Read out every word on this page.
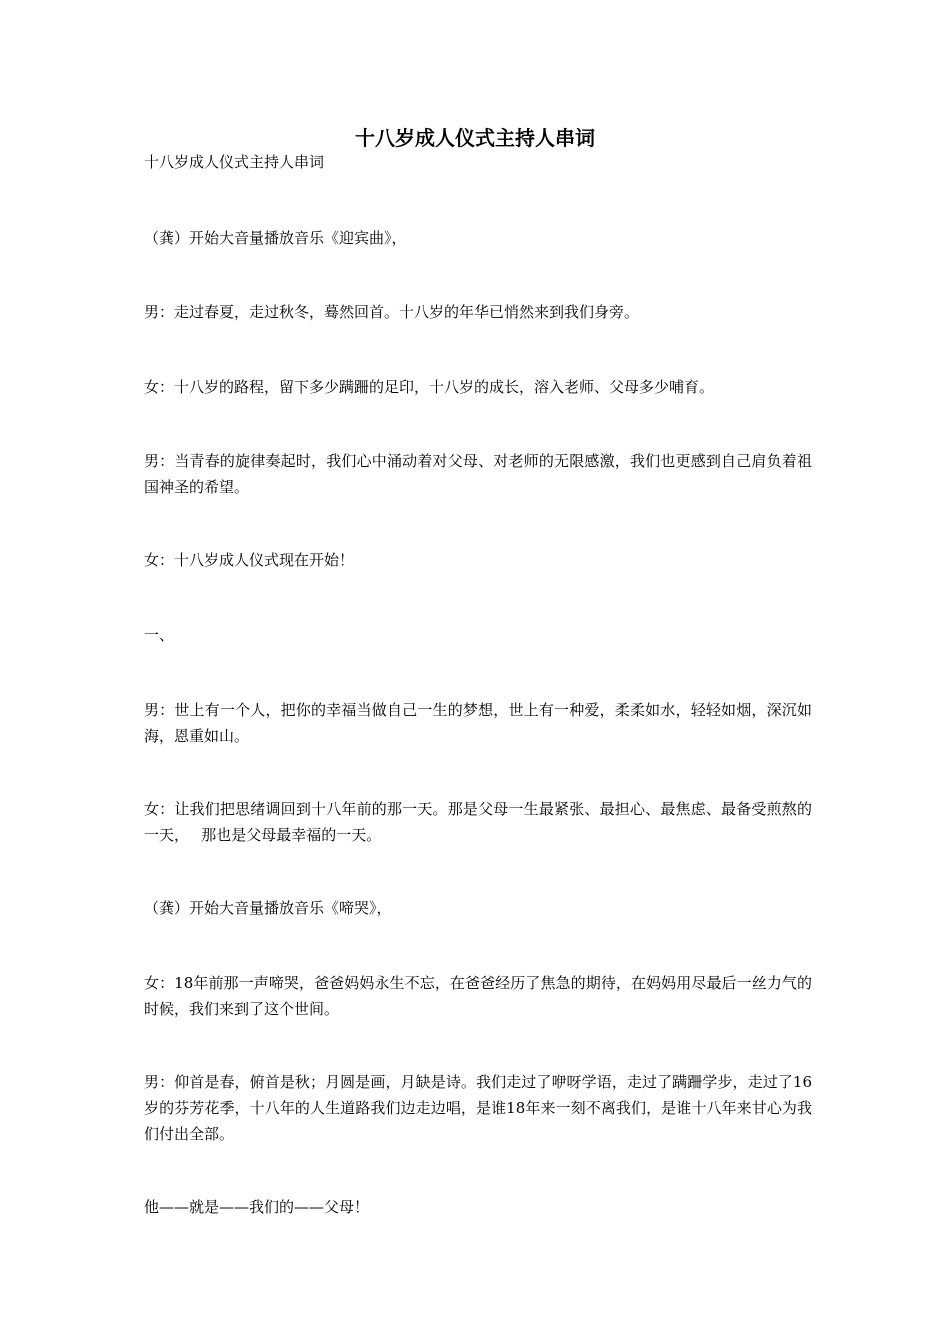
十八岁成人仪式主持人串词

十八岁成人仪式主持人串词

（龚）开始大音量播放音乐《迎宾曲》，

男：走过春夏，走过秋冬，蓦然回首。十八岁的年华已悄然来到我们身旁。

女：十八岁的路程，留下多少蹒跚的足印，十八岁的成长，溶入老师、父母多少哺育。

男：当青春的旋律奏起时，我们心中涌动着对父母、对老师的无限感激，我们也更感到自己肩负着祖国神圣的希望。

女：十八岁成人仪式现在开始！

一、

男：世上有一个人，把你的幸福当做自己一生的梦想，世上有一种爱，柔柔如水，轻轻如烟，深沉如海，恩重如山。

女：让我们把思绪调回到十八年前的那一天。那是父母一生最紧张、最担心、最焦虑、最备受煎熬的一天，　 那也是父母最幸福的一天。

（龚）开始大音量播放音乐《啼哭》，

女：18年前那一声啼哭，爸爸妈妈永生不忘，在爸爸经历了焦急的期待，在妈妈用尽最后一丝力气的时候，我们来到了这个世间。

男：仰首是春，俯首是秋；月圆是画，月缺是诗。我们走过了咿呀学语，走过了蹒跚学步，走过了16岁的芬芳花季，十八年的人生道路我们边走边唱，是谁18年来一刻不离我们，是谁十八年来甘心为我们付出全部。

他——就是——我们的——父母！
